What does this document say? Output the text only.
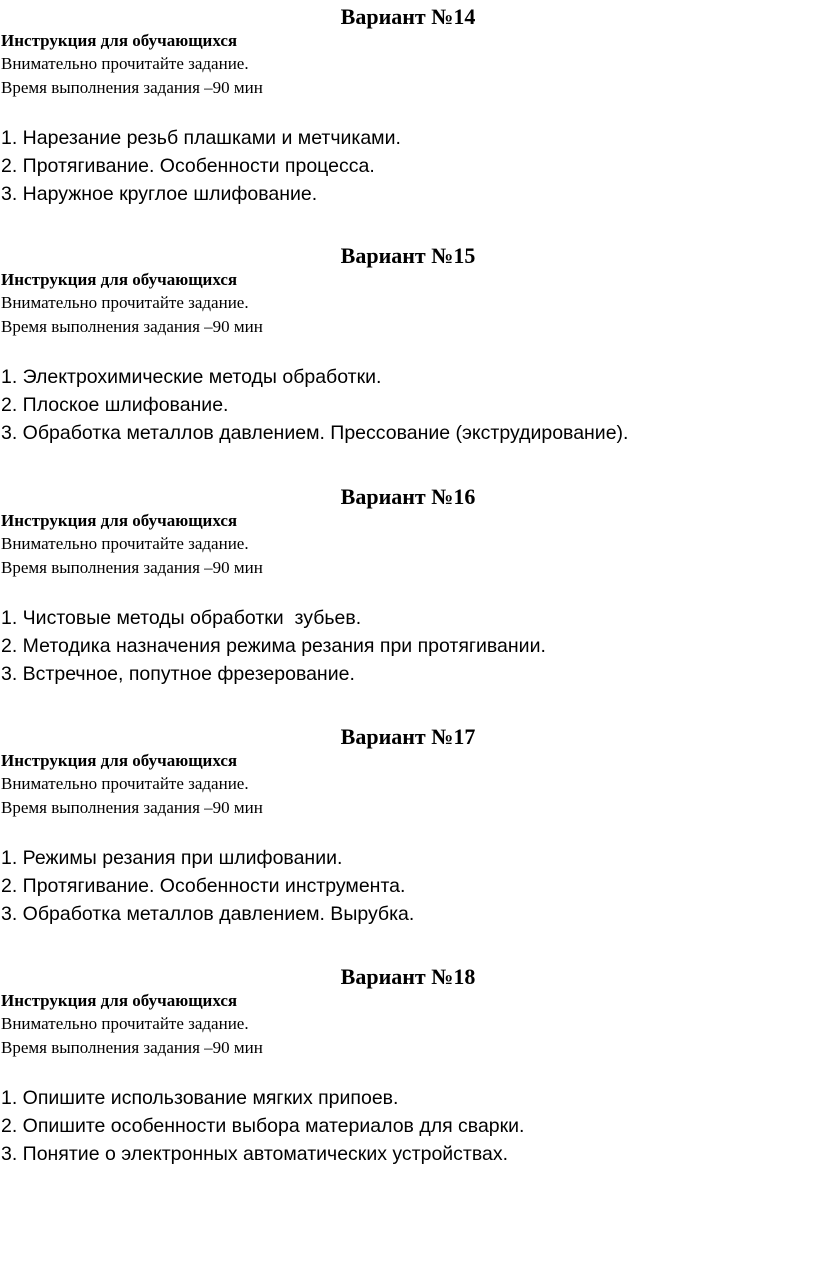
Вариант №14

Инструкция для обучающихся

Внимательно прочитайте задание.

Время выполнения задания –90 мин

1. Нарезание резьб плашками и метчиками.
2. Протягивание. Особенности процесса.
3. Наружное круглое шлифование.
Вариант №15

Инструкция для обучающихся

Внимательно прочитайте задание.

Время выполнения задания –90 мин

1. Электрохимические методы обработки.
2. Плоское шлифование.
3. Обработка металлов давлением. Прессование (экструдирование).
Вариант №16

Инструкция для обучающихся

Внимательно прочитайте задание.

Время выполнения задания –90 мин

1. Чистовые методы обработки  зубьев.
2. Методика назначения режима резания при протягивании.
3. Встречное, попутное фрезерование.
Вариант №17

Инструкция для обучающихся

Внимательно прочитайте задание.

Время выполнения задания –90 мин

1. Режимы резания при шлифовании.
2. Протягивание. Особенности инструмента.
3. Обработка металлов давлением. Вырубка.
Вариант №18

Инструкция для обучающихся

Внимательно прочитайте задание.

Время выполнения задания –90 мин

1. Опишите использование мягких припоев.
2. Опишите особенности выбора материалов для сварки.
3. Понятие о электронных автоматических устройствах.
